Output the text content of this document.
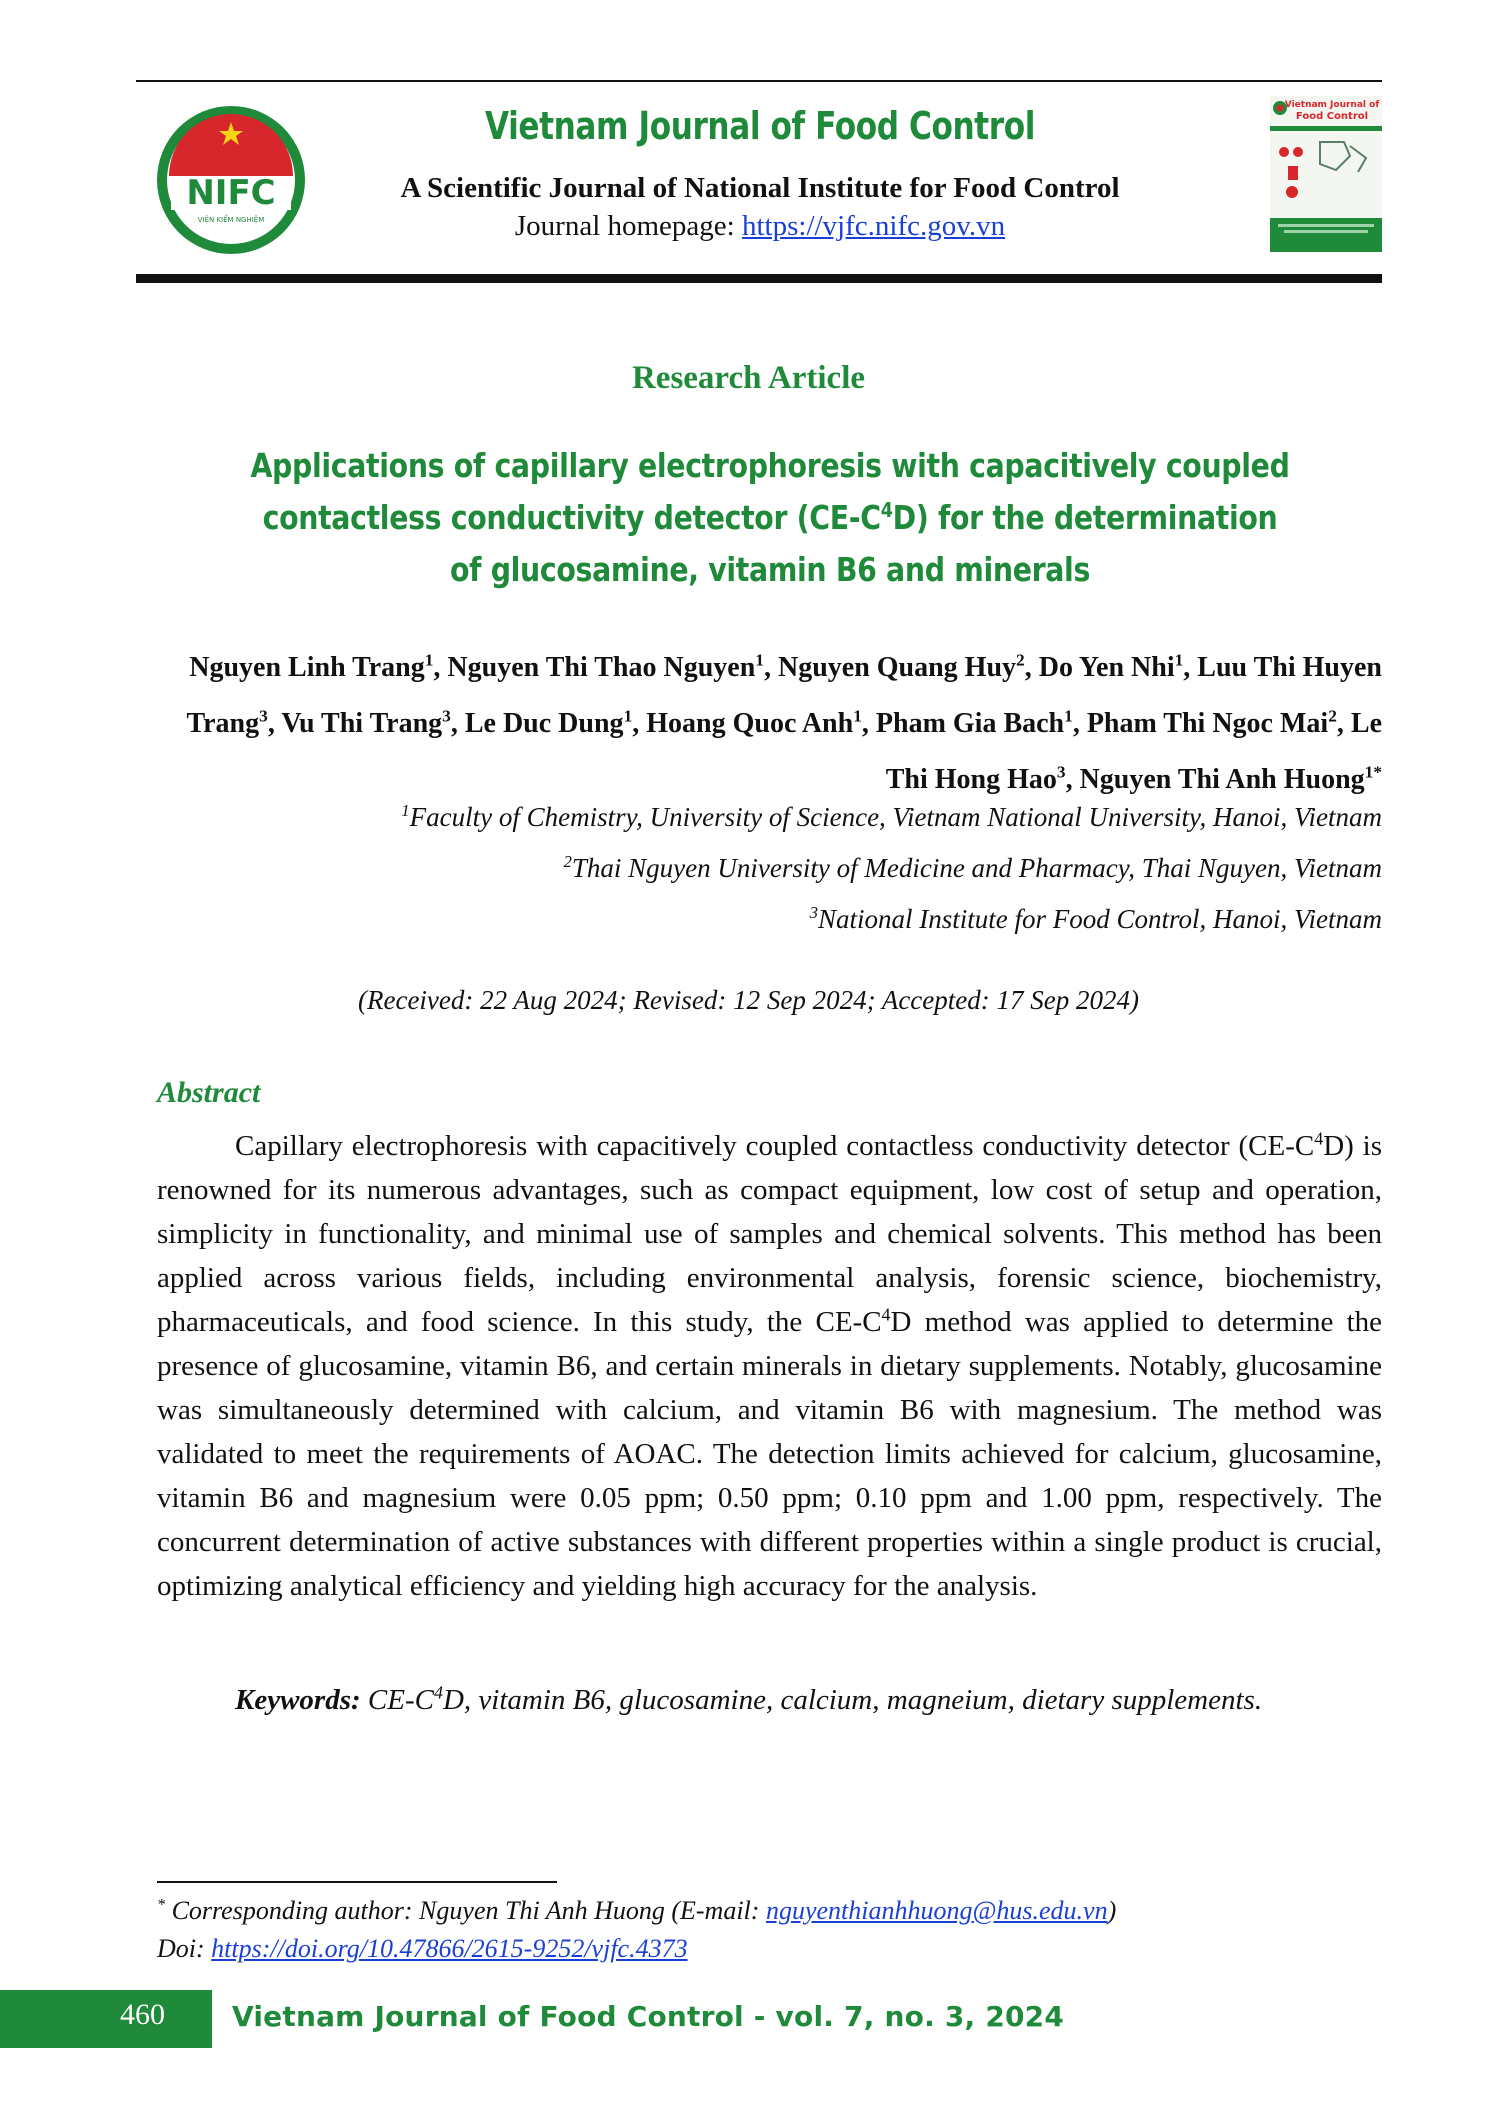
NIFC
VIỆN KIỂM NGHIỆM
Vietnam Journal of Food Control
A Scientific Journal of National Institute for Food Control
Journal homepage: https://vjfc.nifc.gov.vn
Vietnam Journal of
Food Control
Research Article
Applications of capillary electrophoresis with capacitively coupled contactless conductivity detector $(CE-C^4D)$ for the determination of glucosamine, vitamin B6 and minerals
Nguyen Linh Trang$^1$, Nguyen Thi Thao Nguyen$^1$, Nguyen Quang Huy$^2$, Do Yen Nhi$^1$, Luu Thi Huyen Trang$^3$, Vu Thi Trang$^3$, Le Duc Dung$^1$, Hoang Quoc Anh$^1$, Pham Gia Bach$^1$, Pham Thi Ngoc Mai$^2$, Le Thi Hong Hao$^3$, Nguyen Thi Anh Huong$^{1*}$
$^1$Faculty of Chemistry, University of Science, Vietnam National University, Hanoi, Vietnam
$^2$Thai Nguyen University of Medicine and Pharmacy, Thai Nguyen, Vietnam
$^3$National Institute for Food Control, Hanoi, Vietnam
(Received: 22 Aug 2024; Revised: 12 Sep 2024; Accepted: 17 Sep 2024)
Abstract
Capillary electrophoresis with capacitively coupled contactless conductivity detector $(CE-C^4D)$ is renowned for its numerous advantages, such as compact equipment, low cost of setup and operation, simplicity in functionality, and minimal use of samples and chemical solvents. This method has been applied across various fields, including environmental analysis, forensic science, biochemistry, pharmaceuticals, and food science. In this study, the $CE-C^4D$ method was applied to determine the presence of glucosamine, vitamin B6, and certain minerals in dietary supplements. Notably, glucosamine was simultaneously determined with calcium, and vitamin B6 with magnesium. The method was validated to meet the requirements of AOAC. The detection limits achieved for calcium, glucosamine, vitamin B6 and magnesium were 0.05 ppm; 0.50 ppm; 0.10 ppm and 1.00 ppm, respectively. The concurrent determination of active substances with different properties within a single product is crucial, optimizing analytical efficiency and yielding high accuracy for the analysis.
Keywords: $CE-C^4D$, vitamin B6, glucosamine, calcium, magneium, dietary supplements.
* Corresponding author: Nguyen Thi Anh Huong (E-mail: nguyenthianhhuong@hus.edu.vn)
Doi: https://doi.org/10.47866/2615-9252/vjfc.4373
460 Vietnam Journal of Food Control - vol. 7, no. 3, 2024
